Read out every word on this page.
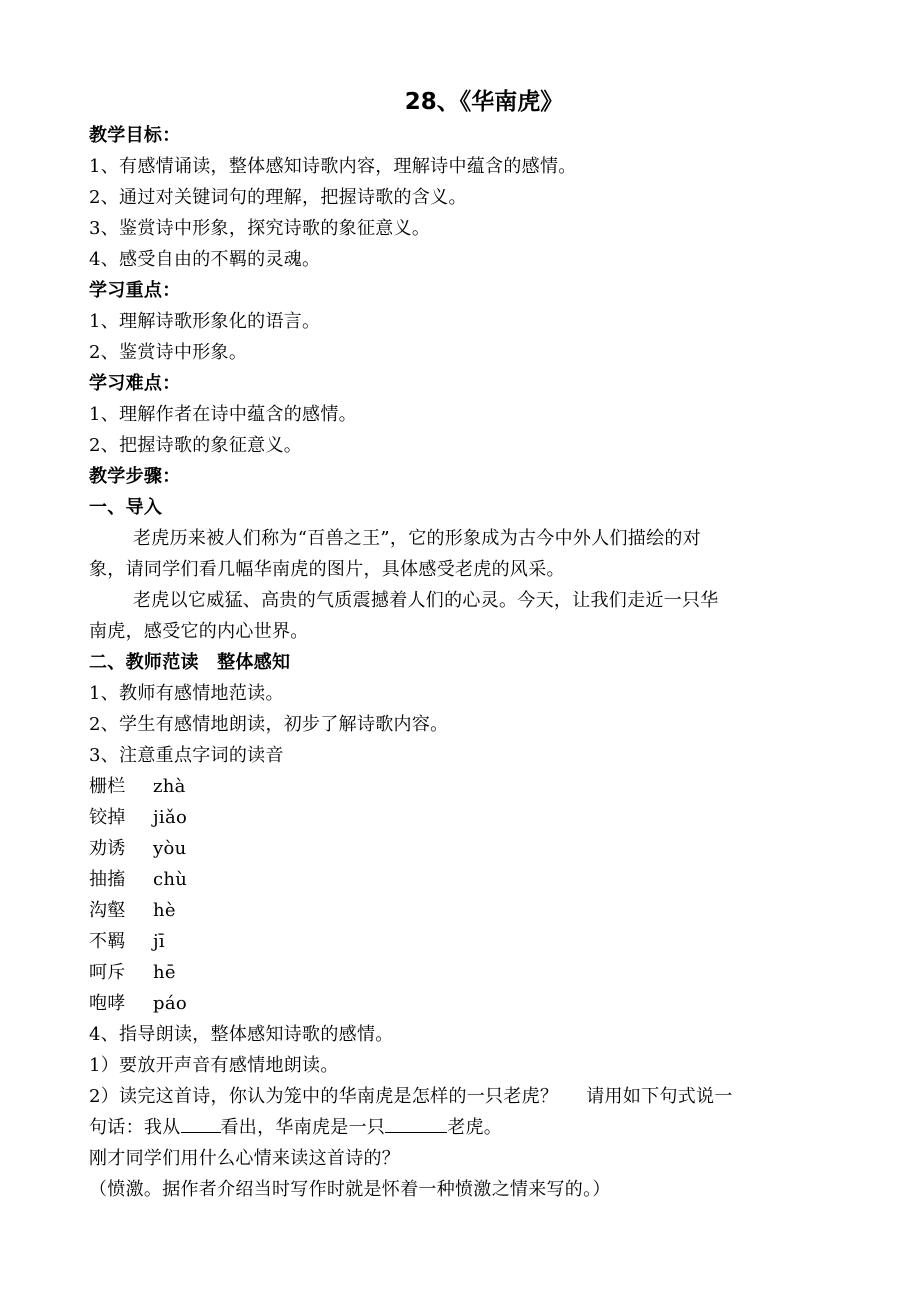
28、《华南虎》
教学目标：
1、有感情诵读，整体感知诗歌内容，理解诗中蕴含的感情。
2、通过对关键词句的理解，把握诗歌的含义。
3、鉴赏诗中形象，探究诗歌的象征意义。
4、感受自由的不羁的灵魂。
学习重点：
1、理解诗歌形象化的语言。
2、鉴赏诗中形象。
学习难点：
1、理解作者在诗中蕴含的感情。
2、把握诗歌的象征意义。
教学步骤：
一、导入
老虎历来被人们称为“百兽之王”，它的形象成为古今中外人们描绘的对
象，请同学们看几幅华南虎的图片，具体感受老虎的风采。
老虎以它威猛、高贵的气质震撼着人们的心灵。今天，让我们走近一只华
南虎，感受它的内心世界。
二、教师范读　整体感知
1、教师有感情地范读。
2、学生有感情地朗读，初步了解诗歌内容。
3、注意重点字词的读音
栅栏 zhà
铰掉 jiǎo
劝诱 yòu
抽搐 chù
沟壑 hè
不羁 jī
呵斥 hē
咆哮 páo
4、指导朗读，整体感知诗歌的感情。
1）要放开声音有感情地朗读。
2）读完这首诗，你认为笼中的华南虎是怎样的一只老虎？ 请用如下句式说一
句话：我从 看出，华南虎是一只	老虎。
刚才同学们用什么心情来读这首诗的？
（愤激。据作者介绍当时写作时就是怀着一种愤激之情来写的。）
